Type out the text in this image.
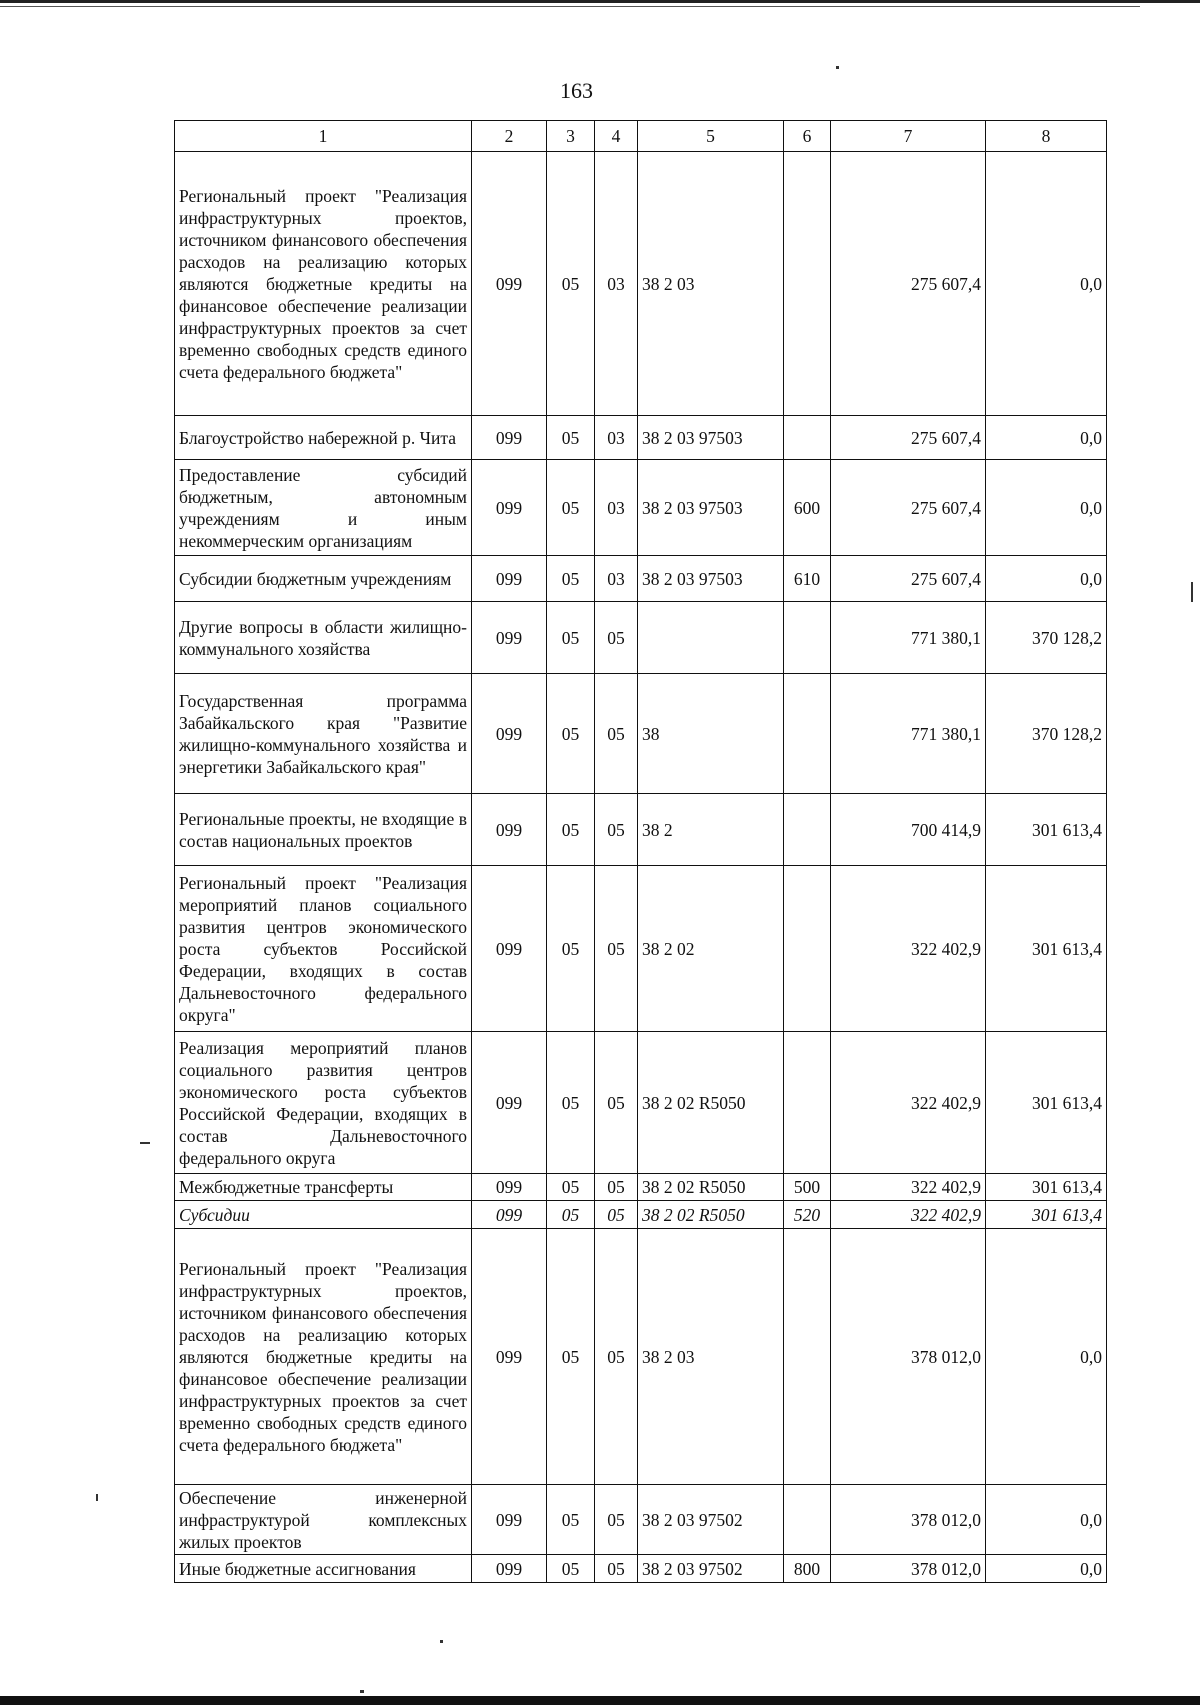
163
1	2	3	4	5	6	7	8
Региональный проект "Реализация инфраструктурных проектов, источником финансового обеспечения расходов на реализацию которых являются бюджетные кредиты на финансовое обеспечение реализации инфраструктурных проектов за счет временно свободных средств единого счета федерального бюджета"	099	05	03	38 2 03		275 607,4	0,0
Благоустройство набережной р. Чита	099	05	03	38 2 03 97503		275 607,4	0,0
Предоставление субсидий бюджетным, автономным учреждениям и иным некоммерческим организациям	099	05	03	38 2 03 97503	600	275 607,4	0,0
Субсидии бюджетным учреждениям	099	05	03	38 2 03 97503	610	275 607,4	0,0
Другие вопросы в области жилищно-коммунального хозяйства	099	05	05			771 380,1	370 128,2
Государственная программа Забайкальского края "Развитие жилищно-коммунального хозяйства и энергетики Забайкальского края"	099	05	05	38		771 380,1	370 128,2
Региональные проекты, не входящие в состав национальных проектов	099	05	05	38 2		700 414,9	301 613,4
Региональный проект "Реализация мероприятий планов социального развития центров экономического роста субъектов Российской Федерации, входящих в состав Дальневосточного федерального округа"	099	05	05	38 2 02		322 402,9	301 613,4
Реализация мероприятий планов социального развития центров экономического роста субъектов Российской Федерации, входящих в состав Дальневосточного федерального округа	099	05	05	38 2 02 R5050		322 402,9	301 613,4
Межбюджетные трансферты	099	05	05	38 2 02 R5050	500	322 402,9	301 613,4
Субсидии	099	05	05	38 2 02 R5050	520	322 402,9	301 613,4
Региональный проект "Реализация инфраструктурных проектов, источником финансового обеспечения расходов на реализацию которых являются бюджетные кредиты на финансовое обеспечение реализации инфраструктурных проектов за счет временно свободных средств единого счета федерального бюджета"	099	05	05	38 2 03		378 012,0	0,0
Обеспечение инженерной инфраструктурой комплексных жилых проектов	099	05	05	38 2 03 97502		378 012,0	0,0
Иные бюджетные ассигнования	099	05	05	38 2 03 97502	800	378 012,0	0,0
